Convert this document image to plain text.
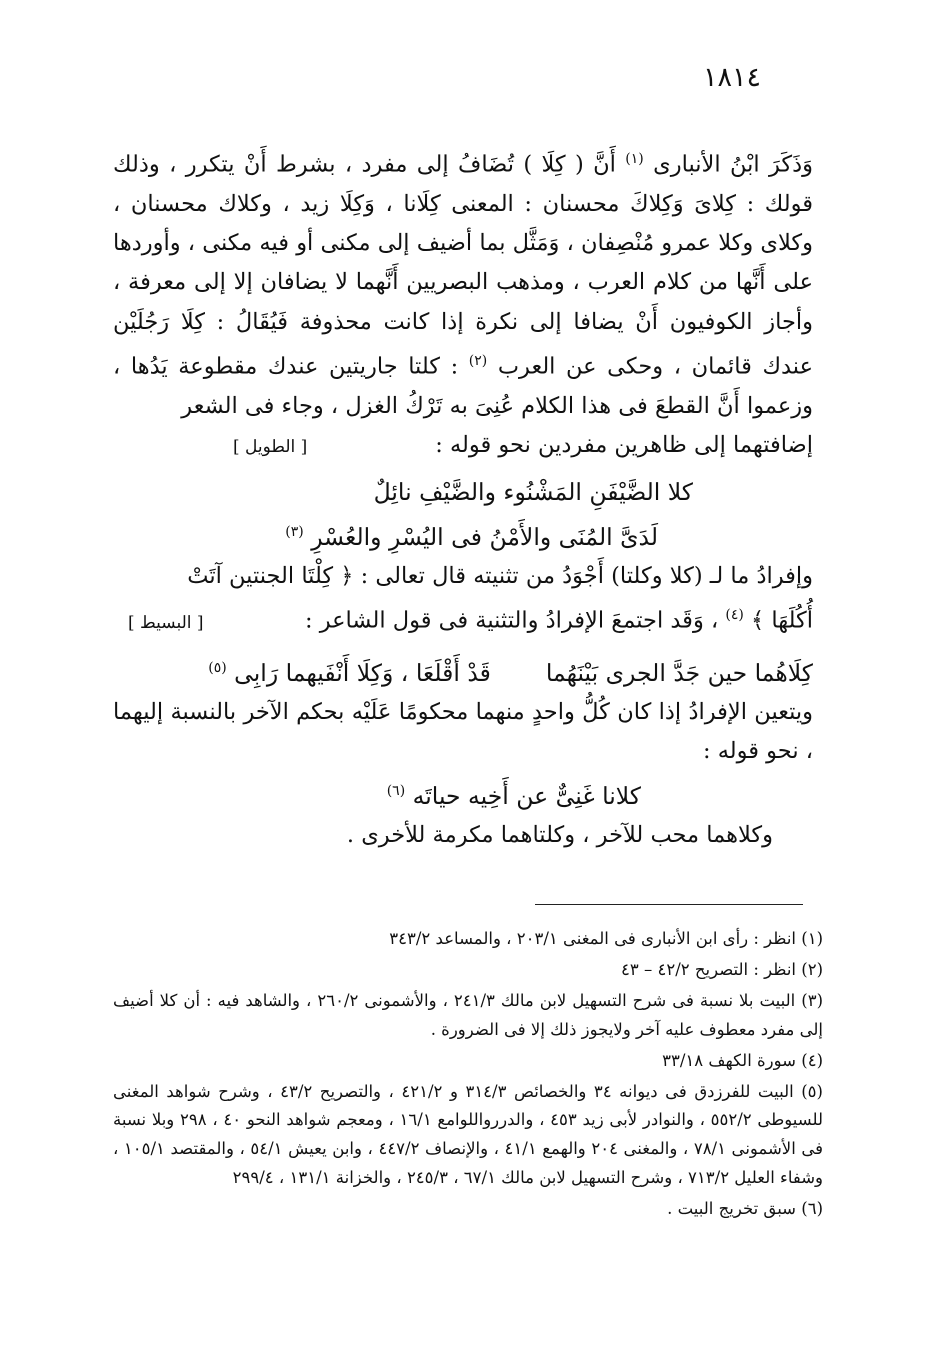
١٨١٤

وَذَكَرَ ابْنُ الأنبارى $^{(١)}$ أَنَّ ( كِلَا ) تُضَافُ إلى مفرد ، بشرط أَنْ يتكرر ، وذلك قولك : كِلاىَ وَكِلاكَ محسنان : المعنى كِلَانا ، وَكِلَا زيد ، وكلاك محسنان ، وكلاى وكلا عمرو مُنْصِفان ، وَمَثَّل بما أضيف إلى مكنى أو فيه مكنى ، وأوردها على أَنَّها من كلام العرب ، ومذهب البصريين أَنَّهما لا يضافان إلا إلى معرفة ، وأجاز الكوفيون أَنْ يضافا إلى نكرة إذا كانت محذوفة فَيُقَالُ : كِلَا رَجُلَيْن عندك قائمان ، وحكى عن العرب $^{(٢)}$ : كلتا جاريتين عندك مقطوعة يَدُها ، وزعموا أَنَّ القطعَ فى هذا الكلام عُنِىَ به تَرْكُ الغزل ، وجاء فى الشعر

إضافتهما إلى ظاهرين مفردين نحو قوله :
[ الطويل ]

كلا الضَّيْفَنِ المَشْنُوء والضَّيْفِ نائِلٌ

لَدَىَّ المُنَى والأَمْنُ فى اليُسْرِ والعُسْرِ $^{(٣)}$

وإفرادُ ما لـ (كلا وكلتا) أَجْوَدُ من تثنيته قال تعالى : ﴿ كِلْتَا الجنتين آتَتْ

أُكُلَهَا ﴾ $^{(٤)}$ ، وَقَد اجتمعَ الإفرادُ والتثنية فى قول الشاعر :
[ البسيط ]

كِلَاهُما حين جَدَّ الجرى بَيْنَهُما  قَدْ أَقْلَعَا ، وَكِلَا أَنْفَيهما رَابِى $^{(٥)}$

ويتعين الإفرادُ إذا كان كُلُّ واحدٍ منهما محكومًا عَلَيْه بحكم الآخر بالنسبة إليهما ، نحو قوله :

كلانا غَنِىٌّ عن أَخِيه حياتَه $^{(٦)}$

وكلاهما محب للآخر ، وكلتاهما مكرمة للأخرى .

(١) انظر : رأى ابن الأنبارى فى المغنى ٢٠٣/١ ، والمساعد ٣٤٣/٢

(٢) انظر : التصريح ٤٢/٢ – ٤٣

(٣) البيت بلا نسبة فى شرح التسهيل لابن مالك ٢٤١/٣ ، والأشمونى ٢٦٠/٢ ، والشاهد فيه : أن كلا أضيف إلى مفرد معطوف عليه آخر ولايجوز ذلك إلا فى الضرورة .

(٤) سورة الكهف ٣٣/١٨

(٥) البيت للفرزدق فى ديوانه ٣٤ والخصائص ٣١٤/٣ و ٤٢١/٢ ، والتصريح ٤٣/٢ ، وشرح شواهد المغنى للسيوطى ٥٥٢/٢ ، والنوادر لأبى زيد ٤٥٣ ، والدررواللوامع ١٦/١ ، ومعجم شواهد النحو ٤٠ ، ٢٩٨ وبلا نسبة فى الأشمونى ٧٨/١ ، والمغنى ٢٠٤ والهمع ٤١/١ ، والإنصاف ٤٤٧/٢ ، وابن يعيش ٥٤/١ ، والمقتصد ١٠٥/١ ، وشفاء العليل ٧١٣/٢ ، وشرح التسهيل لابن مالك ٦٧/١ ، ٢٤٥/٣ ، والخزانة ١٣١/١ ، ٢٩٩/٤

(٦) سبق تخريج البيت .
